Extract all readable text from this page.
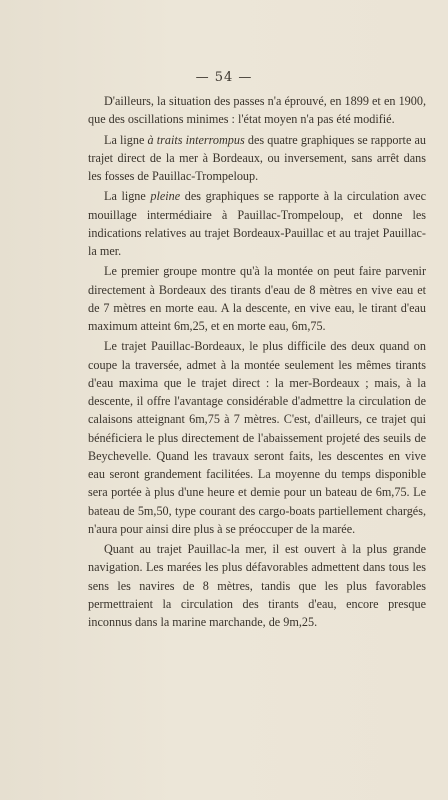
— 54 —

D'ailleurs, la situation des passes n'a éprouvé, en 1899 et en 1900, que des oscillations minimes : l'état moyen n'a pas été modifié.

La ligne à traits interrompus des quatre graphiques se rapporte au trajet direct de la mer à Bordeaux, ou inversement, sans arrêt dans les fosses de Pauillac-Trompeloup.

La ligne pleine des graphiques se rapporte à la circulation avec mouillage intermédiaire à Pauillac-Trompeloup, et donne les indications relatives au trajet Bordeaux-Pauillac et au trajet Pauillac-la mer.

Le premier groupe montre qu'à la montée on peut faire parvenir directement à Bordeaux des tirants d'eau de 8 mètres en vive eau et de 7 mètres en morte eau. A la descente, en vive eau, le tirant d'eau maximum atteint 6m,25, et en morte eau, 6m,75.

Le trajet Pauillac-Bordeaux, le plus difficile des deux quand on coupe la traversée, admet à la montée seulement les mêmes tirants d'eau maxima que le trajet direct : la mer-Bordeaux ; mais, à la descente, il offre l'avantage considérable d'admettre la circulation de calaisons atteignant 6m,75 à 7 mètres. C'est, d'ailleurs, ce trajet qui bénéficiera le plus directement de l'abaissement projeté des seuils de Beychevelle. Quand les travaux seront faits, les descentes en vive eau seront grandement facilitées. La moyenne du temps disponible sera portée à plus d'une heure et demie pour un bateau de 6m,75. Le bateau de 5m,50, type courant des cargo-boats partiellement chargés, n'aura pour ainsi dire plus à se préoccuper de la marée.

Quant au trajet Pauillac-la mer, il est ouvert à la plus grande navigation. Les marées les plus défavorables admettent dans tous les sens les navires de 8 mètres, tandis que les plus favorables permettraient la circulation des tirants d'eau, encore presque inconnus dans la marine marchande, de 9m,25.
